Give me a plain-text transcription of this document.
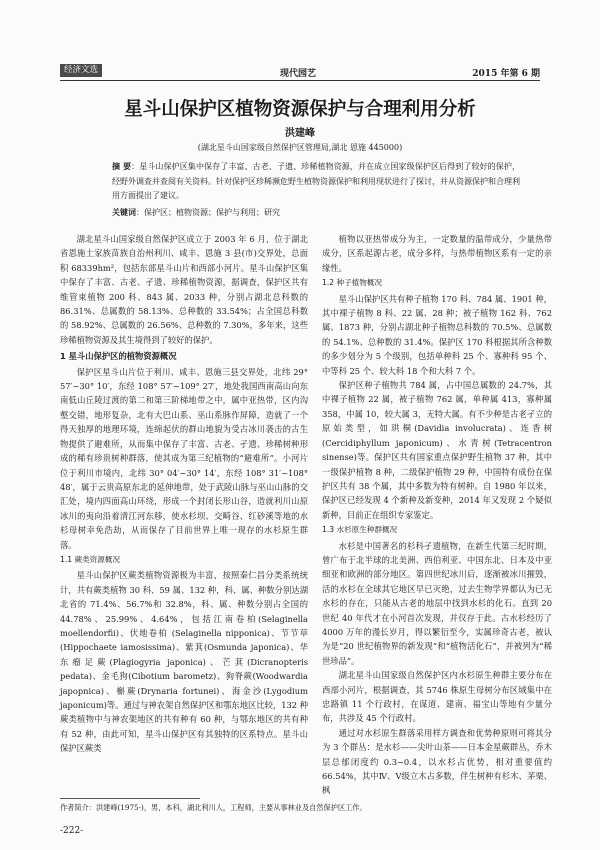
经济文选	现代园艺	2015 年第 6 期
星斗山保护区植物资源保护与合理利用分析
洪建峰
(湖北星斗山国家级自然保护区管理局,湖北 恩施 445000)
摘 要：星斗山保护区集中保存了丰富、古老、子遗、珍稀植物资源，并在成立国家级保护区后得到了较好的保护，经野外调查并查阅有关资料。针对保护区珍稀濒危野生植物资源保护和利用现状进行了探讨，并从资源保护和合理利用方面提出了建议。
关键词：保护区；植物资源；保护与利用；研究

湖北星斗山国家级自然保护区成立于 2003 年 6 月，位于湖北省恩施土家族苗族自治州利川、咸丰、恩施 3 县(市)交界处，总面积 68339hm²，包括东部星斗山片和西部小河片。星斗山保护区集中保存了丰富、古老、孑遗、珍稀植物资源，据调查，保护区共有维管束植物 200 科、843 属、2033 种，分别占湖北总科数的 86.31%、总属数的 58.13%、总种数的 33.54%；占全国总科数的 58.92%、总属数的 26.56%、总种数的 7.30%，多年来，这些珍稀植物资源及其生境得到了较好的保护。

1 星斗山保护区的植物资源概况

保护区星斗山片位于利川、咸丰、恩施三县交界处，北纬 29° 57′~30° 10′，东经 108° 57′~109° 27′，地处我国西南高山向东南低山丘陵过渡的第二和第三阶梯地带之中，属中亚热带，区内沟壑交错，地形复杂，北有大巴山系、巫山系脉作屏障，造就了一个得天独厚的地理环境，连绵起伏的群山地貌为受古冰川袭击的古生物提供了避难所，从而集中保存了丰富、古老、孑遗、珍稀树种形成的稀有珍贵树种群落，使其成为第三纪植物的“避难所”。小河片位于利川市境内，北纬 30° 04′~30° 14′，东经 108° 31′~108° 48′，属于云贵高原东北的延伸地带，处于武陵山脉与巫山山脉的交汇处，境内四面高山环绕，形成一个封闭长形山谷，造就利川山原冰川的夷向沿着清江河东移，使水杉坝、交畸谷、红砂溪等地的水杉母树幸免浩劫，从而保存了目前世界上唯一现存的水杉原生群落。

1.1 蕨类资源概况

星斗山保护区蕨类植物资源极为丰富，按照秦仁昌分类系统统计，共有蕨类植物 30 科、59 属、132 种，科、属、种数分别达湖北省的 71.4%、56.7%和 32.8%，科、属、种数分别占全国的 44.78%、25.99%、4.64%，包括江南卷柏(Selaginella moellendorfii)、伏地卷柏 (Selaginella nipponica)、节节草(Hippochaete iamosissima)、紫萁(Osmunda japonica)、华东瘤足蕨(Plagiogyria japonica)、芒萁(Dicranopteris pedata)、金毛狗(Cibotium barometz)、狗脊蕨(Woodwardia japopnica)、槲蕨(Drynaria fortunei)、海金沙(Lygodium japonicum)等。通过与神农架自然保护区和鄂东地区比较，132 种蕨类植物中与神农架地区的共有种有 60 种，与鄂东地区的共有种有 52 种，由此可知，星斗山保护区有其独特的区系特点。星斗山保护区蕨类

植物以亚热带成分为主，一定数量的温带成分，少量热带成分，区系起源古老，成分多样，与热带植物区系有一定的亲缘性。

1.2 种子植物概况

星斗山保护区共有种子植物 170 科、784 属、1901 种，其中裸子植物 8 科、22 属、28 种；被子植物 162 科、762 属、1873 种，分别占湖北种子植物总科数的 70.5%、总属数的 54.1%、总种数的 31.4%。保护区 170 科根据其所含种数的多少划分为 5 个级别，包括单种科 25 个、寡种科 95 个、中等科 25 个、较大科 18 个和大科 7 个。

保护区种子植物共 784 属，占中国总属数的 24.7%，其中裸子植物 22 属，被子植物 762 属，单种属 413，寡种属 358，中属 10，较大属 3，无特大属。有不少种是古老孑立的原始类型，如珙桐(Davidia involucrata)、连香树(Cercidiphyllum japonicum)、水青树(Tetracentron sinense)等。保护区共有国家重点保护野生植物 37 种，其中一级保护植物 8 种，二级保护植物 29 种，中国特有成份在保护区共有 38 个属，其中多数为特有树种。自 1980 年以来，保护区已经发现 4 个新种及新变种，2014 年又发现 2 个疑似新种，目前正在组织专家鉴定。

1.3 水杉原生种群概况

水杉是中国著名的杉科孑遗植物，在新生代第三纪时期，曾广布于北半球的北美洲、西伯利亚、中国东北、日本及中亚细亚和欧洲的部分地区。第四世纪冰川后，逐渐被冰川摧毁，活的水杉在全球其它地区早已灭绝，过去生物学界都认为已无水杉的存在，只能从古老的地层中找到水杉的化石。直到 20 世纪 40 年代才在小河首次发现，并仅存于此。古水杉经历了 4000 万年的漫长岁月，得以繁衍至今，实属珍奇古老，被认为是“20 世纪植物界的新发现”和“植物活化石”，并被列为“稀世珍品”。

湖北星斗山国家级自然保护区内水杉原生种群主要分布在西部小河片，根据调查，其 5746 株原生母树分布区域集中在忠路镇 11 个行政村，在谋道、建南、福宝山等地有少量分布，共涉及 45 个行政村。

通过对水杉原生群落采用样方调查和优势种原则可将其分为 3 个群丛：是水杉——尖叶山茶——日本金星蕨群丛，乔木层总郁闭度约 0.3~0.4，以水杉占优势，相对重要值约 66.54%，其中Ⅳ、Ⅴ级立木占多数，伴生树种有杉木、茅栗、枫

作者简介：洪建峰(1975-)，男，本科，湖北利川人，工程师，主要从事林业及自然保护区工作。
-222-
